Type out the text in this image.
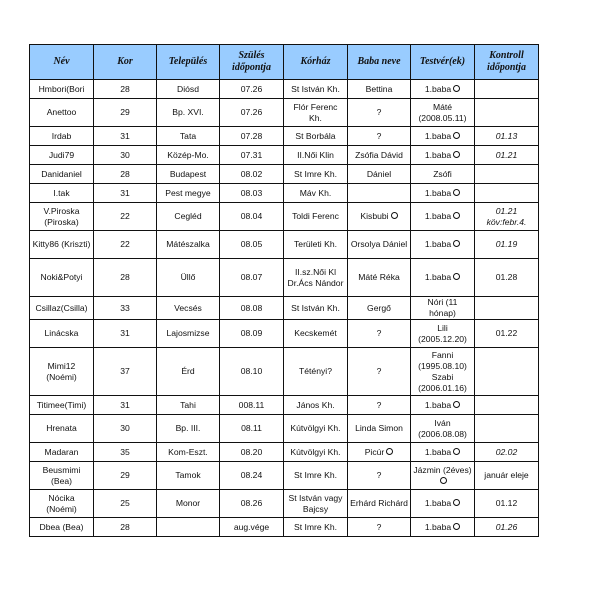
Név	Kor	Település	Szülés időpontja	Kórház	Baba neve	Testvér(ek)	Kontroll időpontja
Hmbori(Bori	28	Diósd	07.26	St István Kh.	Bettina	1.baba	
Anettoo	29	Bp. XVI.	07.26	Flór Ferenc Kh.	?	Máté (2008.05.11)	
Irdab	31	Tata	07.28	St Borbála	?	1.baba	01.13
Judi79	30	Közép-Mo.	07.31	II.Női Klin	Zsófia Dávid	1.baba	01.21
Danidaniel	28	Budapest	08.02	St Imre Kh.	Dániel	Zsófi	
I.tak	31	Pest megye	08.03	Máv Kh.		1.baba	
V.Piroska (Piroska)	22	Cegléd	08.04	Toldi Ferenc	Kisbubi	1.baba	01.21 köv:febr.4.
Kitty86 (Kriszti)	22	Mátészalka	08.05	Területi Kh.	Orsolya Dániel	1.baba	01.19
Noki&Potyi	28	Üllő	08.07	II.sz.Női Kl Dr.Ács Nándor	Máté Réka	1.baba	01.28
Csillaz(Csilla)	33	Vecsés	08.08	St István Kh.	Gergő	Nóri (11 hónap)	
Linácska	31	Lajosmizse	08.09	Kecskemét	?	Lili (2005.12.20)	01.22
Mimi12 (Noémi)	37	Érd	08.10	Tétényi?	?	Fanni (1995.08.10) Szabi (2006.01.16)	
Titimee(Timi)	31	Tahi	008.11	János Kh.	?	1.baba	
Hrenata	30	Bp. III.	08.11	Kútvölgyi Kh.	Linda Simon	Iván (2006.08.08)	
Madaran	35	Kom-Eszt.	08.20	Kútvölgyi Kh.	Picúr	1.baba	02.02
Beusmimi (Bea)	29	Tamok	08.24	St Imre Kh.	?	Jázmin (2éves)	január eleje
Nócika (Noémi)	25	Monor	08.26	St István vagy Bajcsy	Erhárd Richárd	1.baba	01.12
Dbea (Bea)	28		aug.vége	St Imre Kh.	?	1.baba	01.26
